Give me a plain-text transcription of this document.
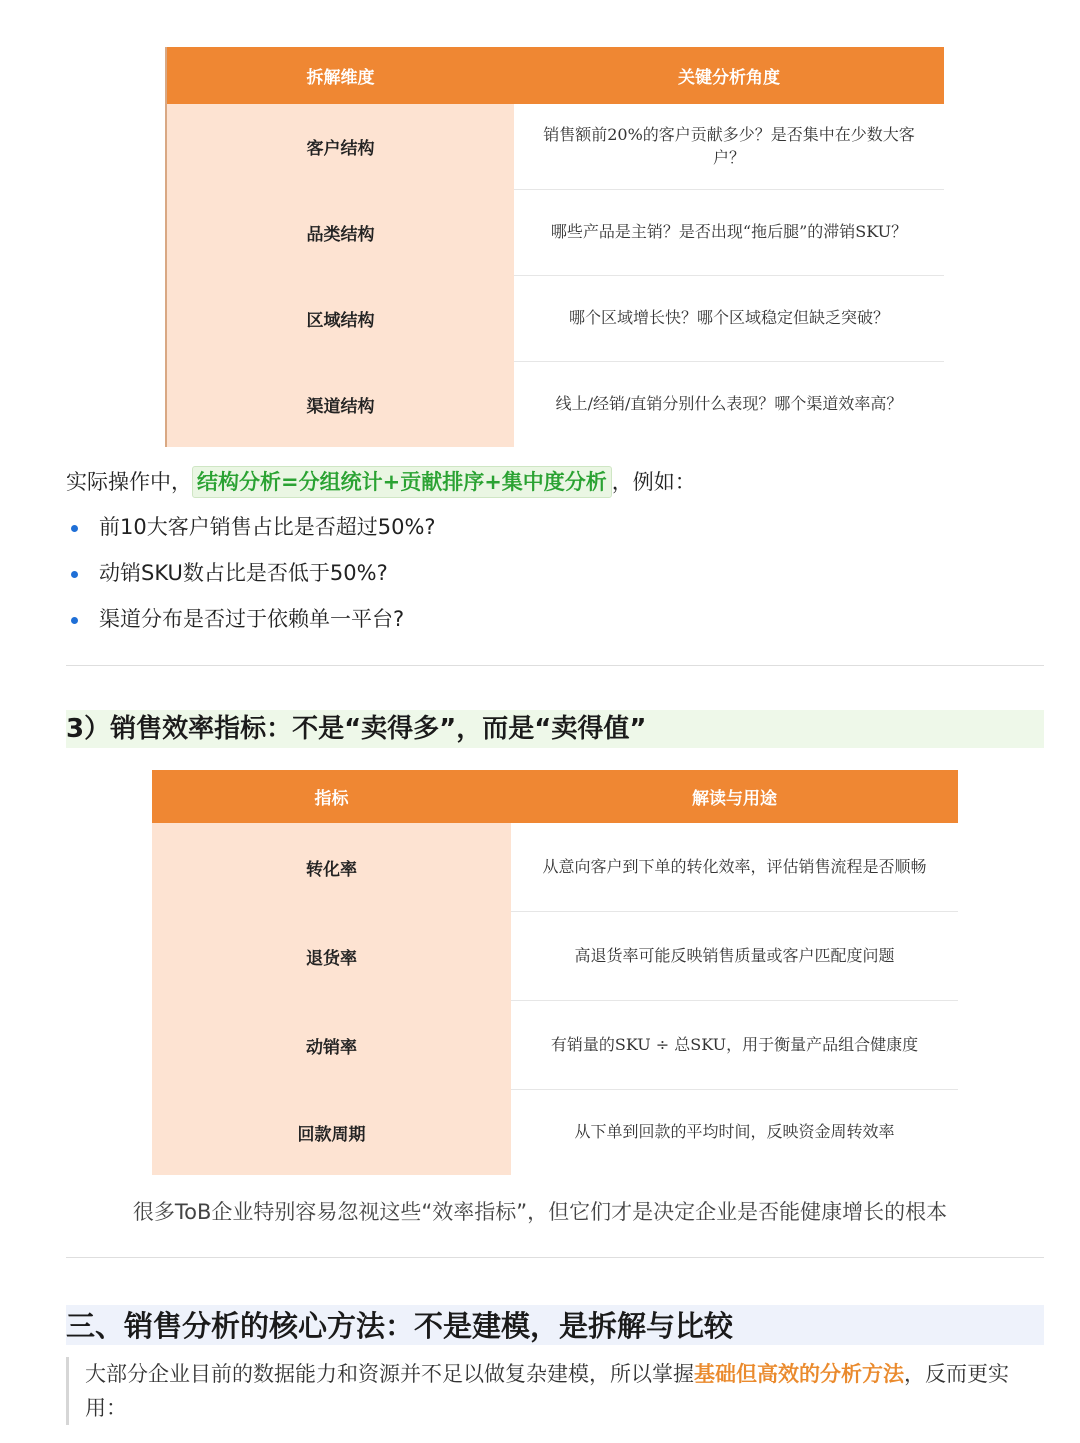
拆解维度	关键分析角度
客户结构	销售额前20%的客户贡献多少？是否集中在少数大客户？
品类结构	哪些产品是主销？是否出现“拖后腿”的滞销SKU？
区域结构	哪个区域增长快？哪个区域稳定但缺乏突破？
渠道结构	线上/经销/直销分别什么表现？哪个渠道效率高？
实际操作中， 结构分析=分组统计+贡献排序+集中度分析 ，例如：
前10大客户销售占比是否超过50%?
动销SKU数占比是否低于50%?
渠道分布是否过于依赖单一平台?
3）销售效率指标：不是“卖得多”，而是“卖得值”
指标	解读与用途
转化率	从意向客户到下单的转化效率，评估销售流程是否顺畅
退货率	高退货率可能反映销售质量或客户匹配度问题
动销率	有销量的SKU ÷ 总SKU，用于衡量产品组合健康度
回款周期	从下单到回款的平均时间，反映资金周转效率
很多ToB企业特别容易忽视这些“效率指标”，但它们才是决定企业是否能健康增长的根本
三、销售分析的核心方法：不是建模，是拆解与比较
大部分企业目前的数据能力和资源并不足以做复杂建模，所以掌握基础但高效的分析方法，反而更实用：
